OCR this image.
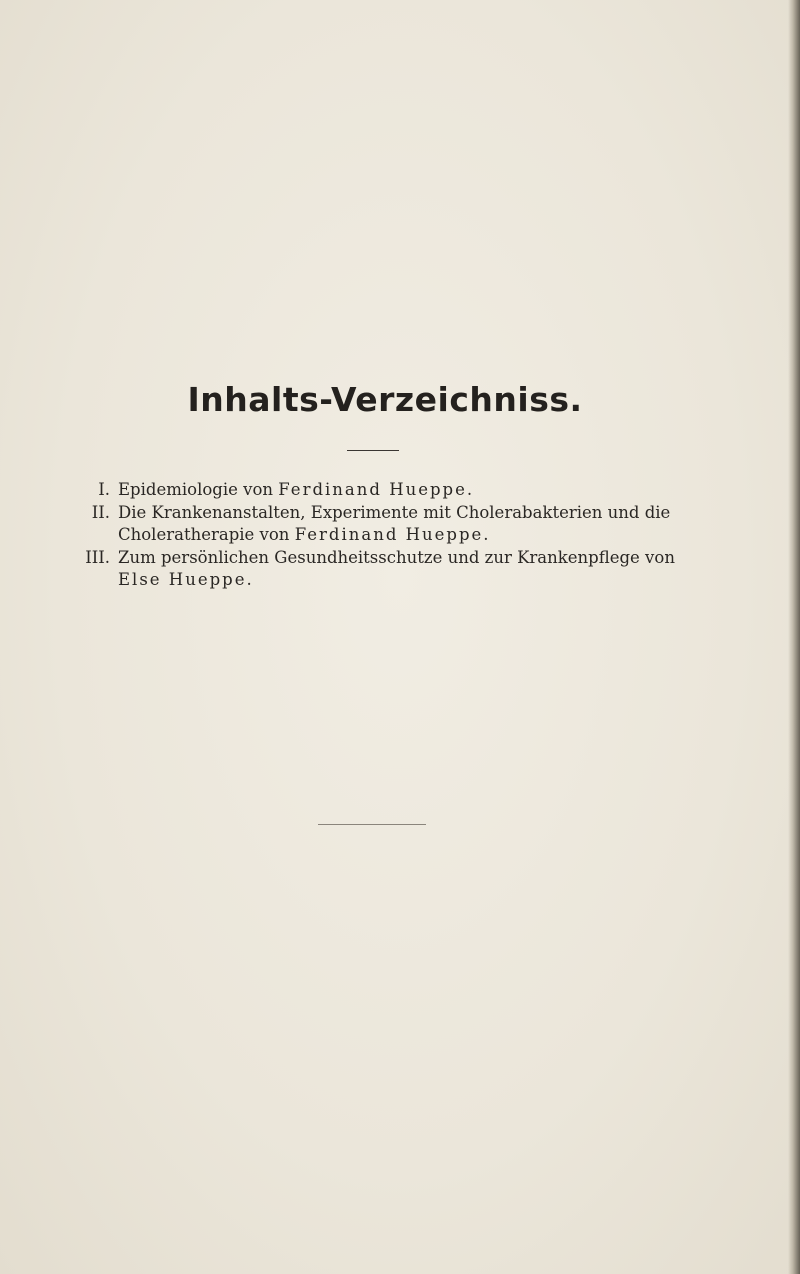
Inhalts-Verzeichniss.
I. Epidemiologie von Ferdinand Hueppe.
II. Die Krankenanstalten, Experimente mit Cholerabakterien und die
Choleratherapie von Ferdinand Hueppe.
III. Zum persönlichen Gesundheitsschutze und zur Krankenpflege von
Else Hueppe.
